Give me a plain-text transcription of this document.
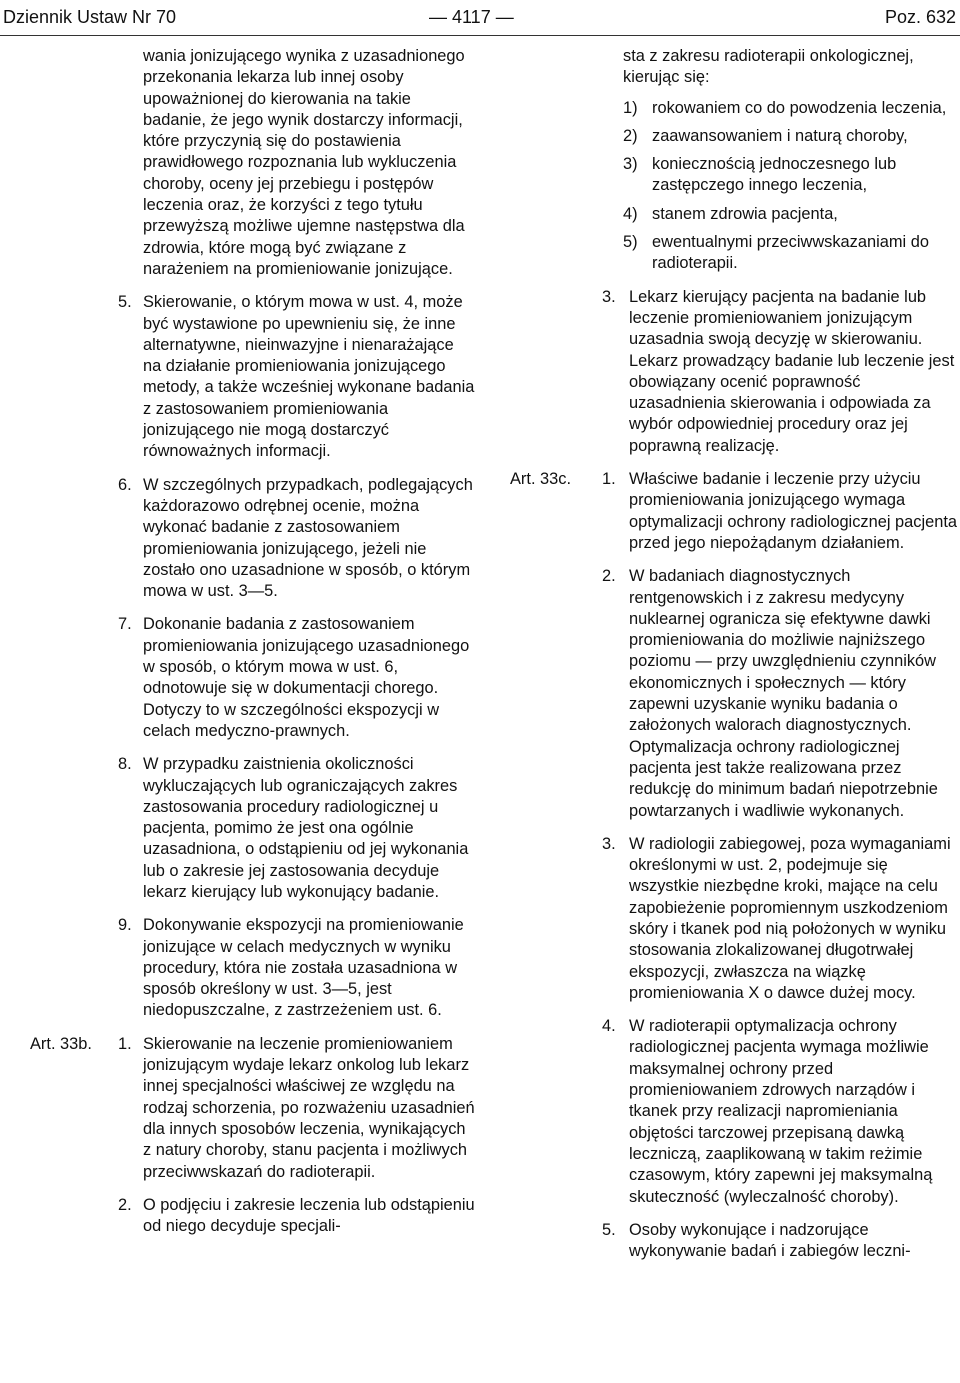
Dziennik Ustaw Nr 70	— 4117 —	Poz. 632
wania jonizującego wynika z uzasadnionego przekonania lekarza lub innej osoby upoważnionej do kierowania na takie badanie, że jego wynik dostarczy informacji, które przyczynią się do postawienia prawidłowego rozpoznania lub wykluczenia choroby, oceny jej przebiegu i postępów leczenia oraz, że korzyści z tego tytułu przewyższą możliwe ujemne następstwa dla zdrowia, które mogą być związane z narażeniem na promieniowanie jonizujące.
5. Skierowanie, o którym mowa w ust. 4, może być wystawione po upewnieniu się, że inne alternatywne, nieinwazyjne i nienarażające na działanie promieniowania jonizującego metody, a także wcześniej wykonane badania z zastosowaniem promieniowania jonizującego nie mogą dostarczyć równoważnych informacji.
6. W szczególnych przypadkach, podlegających każdorazowo odrębnej ocenie, można wykonać badanie z zastosowaniem promieniowania jonizującego, jeżeli nie zostało ono uzasadnione w sposób, o którym mowa w ust. 3—5.
7. Dokonanie badania z zastosowaniem promieniowania jonizującego uzasadnionego w sposób, o którym mowa w ust. 6, odnotowuje się w dokumentacji chorego. Dotyczy to w szczególności ekspozycji w celach medyczno-prawnych.
8. W przypadku zaistnienia okoliczności wykluczających lub ograniczających zakres zastosowania procedury radiologicznej u pacjenta, pomimo że jest ona ogólnie uzasadniona, o odstąpieniu od jej wykonania lub o zakresie jej zastosowania decyduje lekarz kierujący lub wykonujący badanie.
9. Dokonywanie ekspozycji na promieniowanie jonizujące w celach medycznych w wyniku procedury, która nie została uzasadniona w sposób określony w ust. 3—5, jest niedopuszczalne, z zastrzeżeniem ust. 6.
Art. 33b. 1. Skierowanie na leczenie promieniowaniem jonizującym wydaje lekarz onkolog lub lekarz innej specjalności właściwej ze względu na rodzaj schorzenia, po rozważeniu uzasadnień dla innych sposobów leczenia, wynikających z natury choroby, stanu pacjenta i możliwych przeciwwskazań do radioterapii.
2. O podjęciu i zakresie leczenia lub odstąpieniu od niego decyduje specjali-
sta z zakresu radioterapii onkologicznej, kierując się:
1) rokowaniem co do powodzenia leczenia,
2) zaawansowaniem i naturą choroby,
3) koniecznością jednoczesnego lub zastępczego innego leczenia,
4) stanem zdrowia pacjenta,
5) ewentualnymi przeciwwskazaniami do radioterapii.
3. Lekarz kierujący pacjenta na badanie lub leczenie promieniowaniem jonizującym uzasadnia swoją decyzję w skierowaniu. Lekarz prowadzący badanie lub leczenie jest obowiązany ocenić poprawność uzasadnienia skierowania i odpowiada za wybór odpowiedniej procedury oraz jej poprawną realizację.
Art. 33c. 1. Właściwe badanie i leczenie przy użyciu promieniowania jonizującego wymaga optymalizacji ochrony radiologicznej pacjenta przed jego niepożądanym działaniem.
2. W badaniach diagnostycznych rentgenowskich i z zakresu medycyny nuklearnej ogranicza się efektywne dawki promieniowania do możliwie najniższego poziomu — przy uwzględnieniu czynników ekonomicznych i społecznych — który zapewni uzyskanie wyniku badania o założonych walorach diagnostycznych. Optymalizacja ochrony radiologicznej pacjenta jest także realizowana przez redukcję do minimum badań niepotrzebnie powtarzanych i wadliwie wykonanych.
3. W radiologii zabiegowej, poza wymaganiami określonymi w ust. 2, podejmuje się wszystkie niezbędne kroki, mające na celu zapobieżenie popromiennym uszkodzeniom skóry i tkanek pod nią położonych w wyniku stosowania zlokalizowanej długotrwałej ekspozycji, zwłaszcza na wiązkę promieniowania X o dawce dużej mocy.
4. W radioterapii optymalizacja ochrony radiologicznej pacjenta wymaga możliwie maksymalnej ochrony przed promieniowaniem zdrowych narządów i tkanek przy realizacji napromieniania objętości tarczowej przepisaną dawką leczniczą, zaaplikowaną w takim reżimie czasowym, który zapewni jej maksymalną skuteczność (wyleczalność choroby).
5. Osoby wykonujące i nadzorujące wykonywanie badań i zabiegów leczni-
